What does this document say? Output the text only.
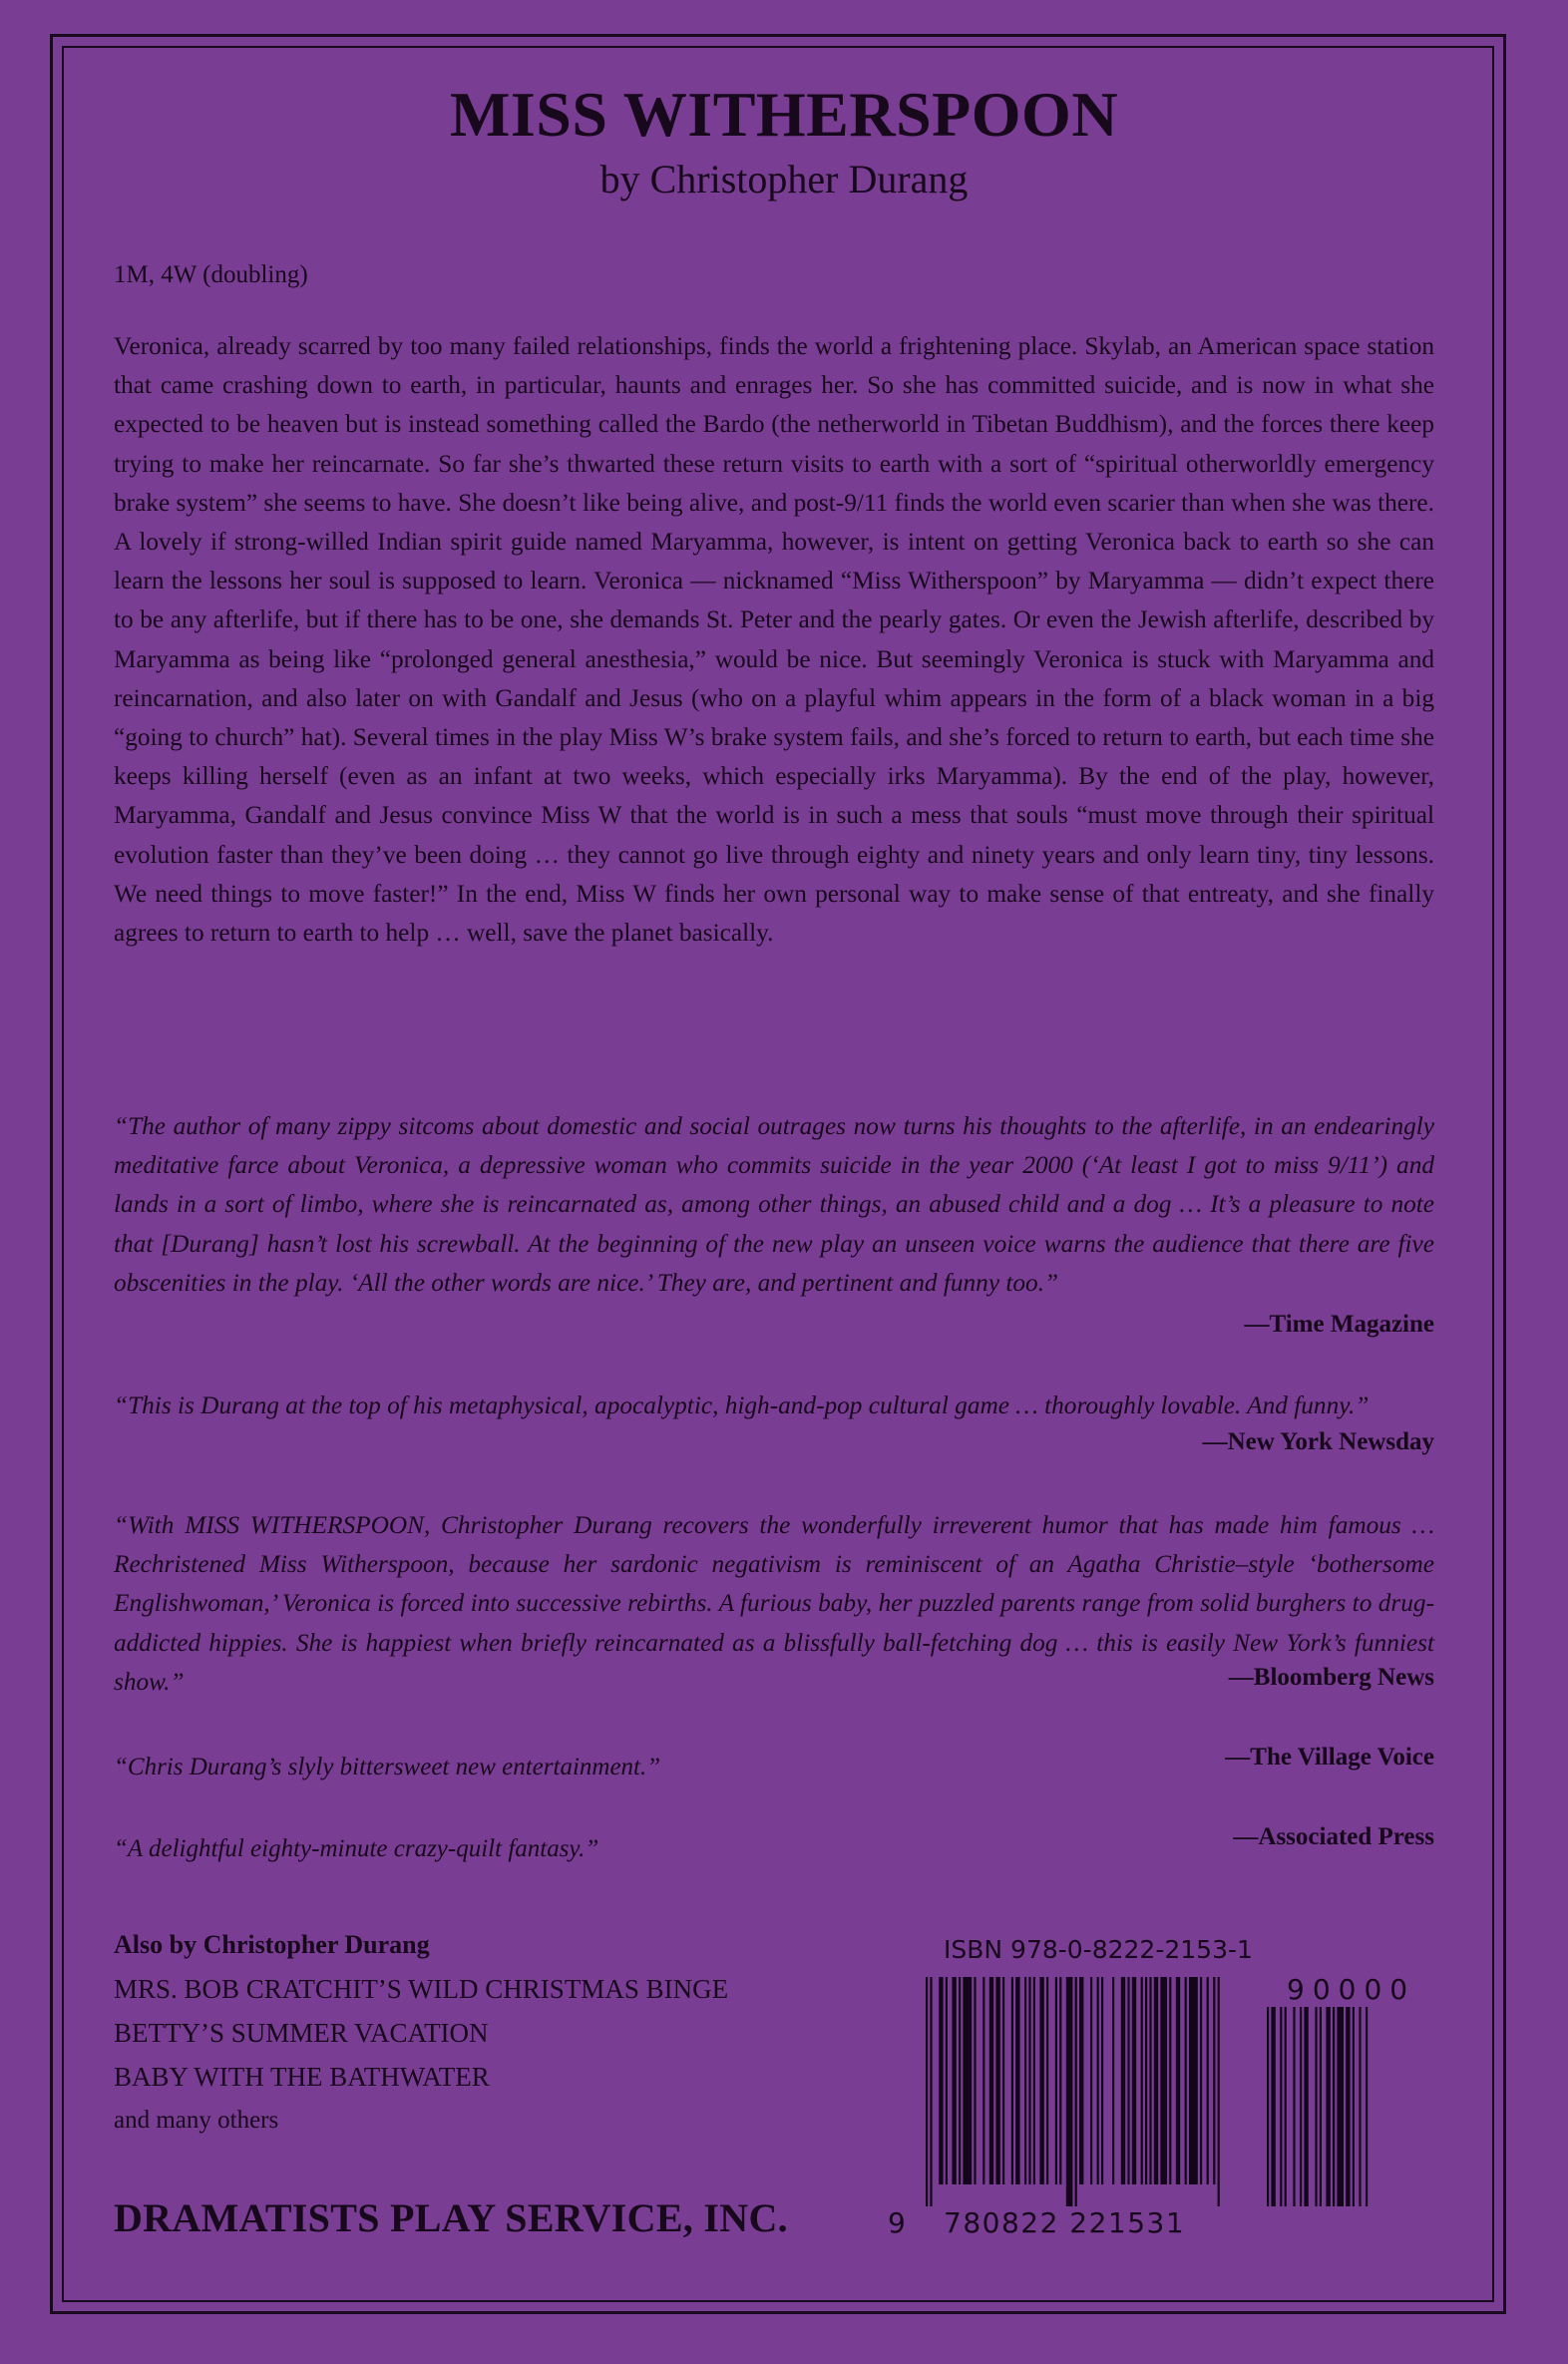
MISS WITHERSPOON
by Christopher Durang
1M, 4W (doubling)
Veronica, already scarred by too many failed relationships, finds the world a frightening place. Skylab, an American space station that came crashing down to earth, in particular, haunts and enrages her. So she has committed suicide, and is now in what she expected to be heaven but is instead something called the Bardo (the netherworld in Tibetan Buddhism), and the forces there keep trying to make her reincarnate. So far she’s thwarted these return visits to earth with a sort of “spiritual otherworldly emergency brake system” she seems to have. She doesn’t like being alive, and post-9/11 finds the world even scarier than when she was there. A lovely if strong-willed Indian spirit guide named Maryamma, however, is intent on getting Veronica back to earth so she can learn the lessons her soul is supposed to learn. Veronica — nicknamed “Miss Witherspoon” by Maryamma — didn’t expect there to be any afterlife, but if there has to be one, she demands St. Peter and the pearly gates. Or even the Jewish afterlife, described by Maryamma as being like “prolonged general anesthesia,” would be nice. But seemingly Veronica is stuck with Maryamma and reincarnation, and also later on with Gandalf and Jesus (who on a playful whim appears in the form of a black woman in a big “going to church” hat). Several times in the play Miss W’s brake system fails, and she’s forced to return to earth, but each time she keeps killing herself (even as an infant at two weeks, which especially irks Maryamma). By the end of the play, however, Maryamma, Gandalf and Jesus convince Miss W that the world is in such a mess that souls “must move through their spiritual evolution faster than they’ve been doing … they cannot go live through eighty and ninety years and only learn tiny, tiny lessons. We need things to move faster!” In the end, Miss W finds her own personal way to make sense of that entreaty, and she finally agrees to return to earth to help … well, save the planet basically.
“The author of many zippy sitcoms about domestic and social outrages now turns his thoughts to the afterlife, in an endearingly meditative farce about Veronica, a depressive woman who commits suicide in the year 2000 (‘At least I got to miss 9/11’) and lands in a sort of limbo, where she is reincarnated as, among other things, an abused child and a dog … It’s a pleasure to note that [Durang] hasn’t lost his screwball. At the beginning of the new play an unseen voice warns the audience that there are five obscenities in the play. ‘All the other words are nice.’ They are, and pertinent and funny too.”
—Time Magazine
“This is Durang at the top of his metaphysical, apocalyptic, high-and-pop cultural game … thoroughly lovable. And funny.”
—New York Newsday
“With MISS WITHERSPOON, Christopher Durang recovers the wonderfully irreverent humor that has made him famous … Rechristened Miss Witherspoon, because her sardonic negativism is reminiscent of an Agatha Christie–style ‘bothersome Englishwoman,’ Veronica is forced into successive rebirths. A furious baby, her puzzled parents range from solid burghers to drug-addicted hippies. She is happiest when briefly reincarnated as a blissfully ball-fetching dog … this is easily New York’s funniest show.”	—Bloomberg News
“Chris Durang’s slyly bittersweet new entertainment.”	—The Village Voice
“A delightful eighty-minute crazy-quilt fantasy.”	—Associated Press
Also by Christopher Durang
MRS. BOB CRATCHIT’S WILD CHRISTMAS BINGE
BETTY’S SUMMER VACATION
BABY WITH THE BATHWATER
and many others
DRAMATISTS PLAY SERVICE, INC.
ISBN 978-0-8222-2153-1
90000
9 780822 221531
